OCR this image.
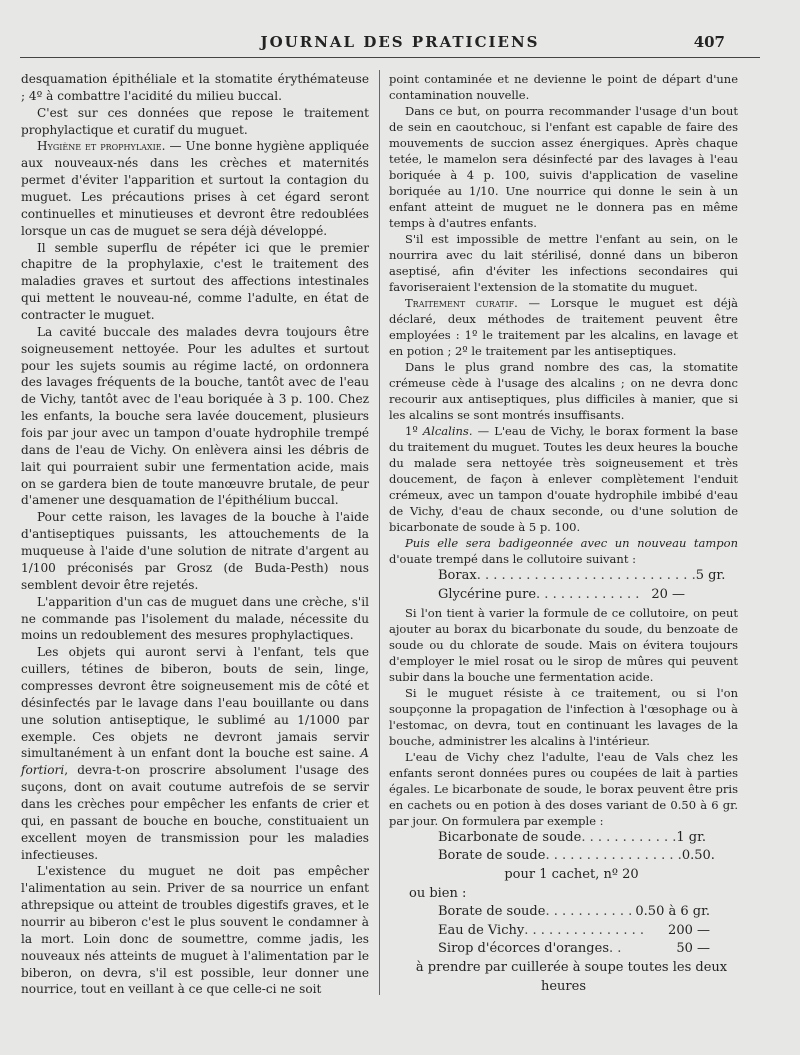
JOURNAL DES PRATICIENS	407

desquamation épithéliale et la stomatite érythémateuse ; 4º à combattre l'acidité du milieu buccal.

C'est sur ces données que repose le traitement prophylactique et curatif du muguet.

Hygiène et prophylaxie. — Une bonne hygiène appliquée aux nouveaux-nés dans les crèches et maternités permet d'éviter l'apparition et surtout la contagion du muguet. Les précautions prises à cet égard seront continuelles et minutieuses et devront être redoublées lorsque un cas de muguet se sera déjà développé.

Il semble superflu de répéter ici que le premier chapitre de la prophylaxie, c'est le traitement des maladies graves et surtout des affections intestinales qui mettent le nouveau-né, comme l'adulte, en état de contracter le muguet.

La cavité buccale des malades devra toujours être soigneusement nettoyée. Pour les adultes et surtout pour les sujets soumis au régime lacté, on ordonnera des lavages fréquents de la bouche, tantôt avec de l'eau de Vichy, tantôt avec de l'eau boriquée à 3 p. 100. Chez les enfants, la bouche sera lavée doucement, plusieurs fois par jour avec un tampon d'ouate hydrophile trempé dans de l'eau de Vichy. On enlèvera ainsi les débris de lait qui pourraient subir une fermentation acide, mais on se gardera bien de toute manœuvre brutale, de peur d'amener une desquamation de l'épithélium buccal.

Pour cette raison, les lavages de la bouche à l'aide d'antiseptiques puissants, les attouchements de la muqueuse à l'aide d'une solution de nitrate d'argent au 1/100 préconisés par Grosz (de Buda-Pesth) nous semblent devoir être rejetés.

L'apparition d'un cas de muguet dans une crèche, s'il ne commande pas l'isolement du malade, nécessite du moins un redoublement des mesures prophylactiques.

Les objets qui auront servi à l'enfant, tels que cuillers, tétines de biberon, bouts de sein, linge, compresses devront être soigneusement mis de côté et désinfectés par le lavage dans l'eau bouillante ou dans une solution antiseptique, le sublimé au 1/1000 par exemple. Ces objets ne devront jamais servir simultanément à un enfant dont la bouche est saine. A fortiori, devra-t-on proscrire absolument l'usage des suçons, dont on avait coutume autrefois de se servir dans les crèches pour empêcher les enfants de crier et qui, en passant de bouche en bouche, constituaient un excellent moyen de transmission pour les maladies infectieuses.

L'existence du muguet ne doit pas empêcher l'alimentation au sein. Priver de sa nourrice un enfant athrepsique ou atteint de troubles digestifs graves, et le nourrir au biberon c'est le plus souvent le condamner à la mort. Loin donc de soumettre, comme jadis, les nouveaux nés atteints de muguet à l'alimentation par le biberon, on devra, s'il est possible, leur donner une nourrice, tout en veillant à ce que celle-ci ne soit

point contaminée et ne devienne le point de départ d'une contamination nouvelle.

Dans ce but, on pourra recommander l'usage d'un bout de sein en caoutchouc, si l'enfant est capable de faire des mouvements de succion assez énergiques. Après chaque tetée, le mamelon sera désinfecté par des lavages à l'eau boriquée à 4 p. 100, suivis d'application de vaseline boriquée au 1/10. Une nourrice qui donne le sein à un enfant atteint de muguet ne le donnera pas en même temps à d'autres enfants.

S'il est impossible de mettre l'enfant au sein, on le nourrira avec du lait stérilisé, donné dans un biberon aseptisé, afin d'éviter les infections secondaires qui favoriseraient l'extension de la stomatite du muguet.

Traitement curatif. — Lorsque le muguet est déjà déclaré, deux méthodes de traitement peuvent être employées : 1º le traitement par les alcalins, en lavage et en potion ; 2º le traitement par les antiseptiques.

Dans le plus grand nombre des cas, la stomatite crémeuse cède à l'usage des alcalins ; on ne devra donc recourir aux antiseptiques, plus difficiles à manier, que si les alcalins se sont montrés insuffisants.

1º Alcalins. — L'eau de Vichy, le borax forment la base du traitement du muguet. Toutes les deux heures la bouche du malade sera nettoyée très soigneusement et très doucement, de façon à enlever complètement l'enduit crémeux, avec un tampon d'ouate hydrophile imbibé d'eau de Vichy, d'eau de chaux seconde, ou d'une solution de bicarbonate de soude à 5 p. 100.

Puis elle sera badigeonnée avec un nouveau tampon d'ouate trempé dans le collutoire suivant :

Borax . . . . . . . . . . . . . . . . . . . . . . . . . . . 5 gr.
Glycérine pure . . . . . . . . . . . . . 20 —

Si l'on tient à varier la formule de ce collutoire, on peut ajouter au borax du bicarbonate du soude, du benzoate de soude ou du chlorate de soude. Mais on évitera toujours d'employer le miel rosat ou le sirop de mûres qui peuvent subir dans la bouche une fermentation acide.

Si le muguet résiste à ce traitement, ou si l'on soupçonne la propagation de l'infection à l'œsophage ou à l'estomac, on devra, tout en continuant les lavages de la bouche, administrer les alcalins à l'intérieur.

L'eau de Vichy chez l'adulte, l'eau de Vals chez les enfants seront données pures ou coupées de lait à parties égales. Le bicarbonate de soude, le borax peuvent être pris en cachets ou en potion à des doses variant de 0.50 à 6 gr. par jour. On formulera par exemple :

Bicarbonate de soude . . . . . . . . . . . . 1 gr.
Borate de soude . . . . . . . . . . . . . . . . . 0.50.

pour 1 cachet, nº 20

ou bien :
Borate de soude . . . . . . . . . . . 0.50 à 6 gr.
Eau de Vichy . . . . . . . . . . . . . . .	200 —
Sirop d'écorces d'oranges . .	50 —

à prendre par cuillerée à soupe toutes les deux heures
